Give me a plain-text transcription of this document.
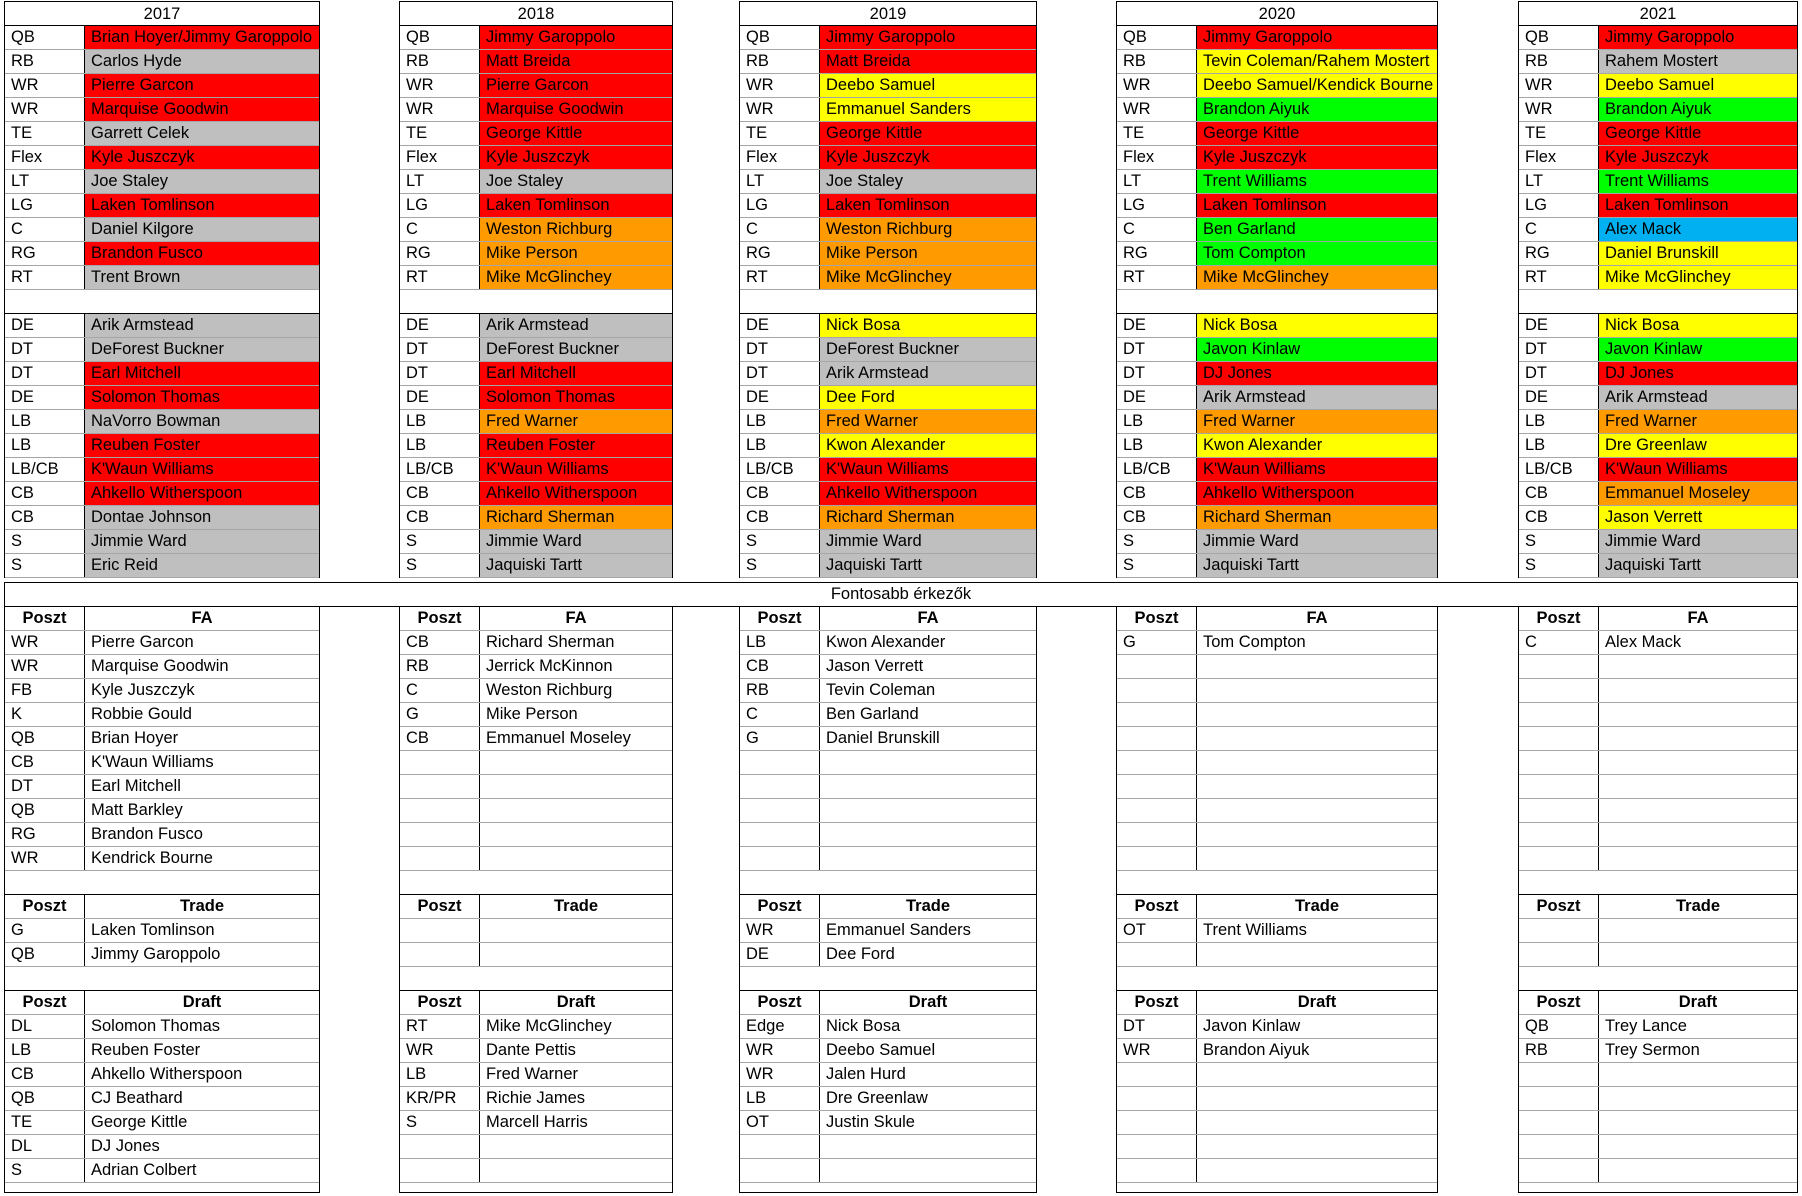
Fontosabb érkezők
2017
QB	Brian Hoyer/Jimmy Garoppolo
RB	Carlos Hyde
WR	Pierre Garcon
WR	Marquise Goodwin
TE	Garrett Celek
Flex	Kyle Juszczyk
LT	Joe Staley
LG	Laken Tomlinson
C	Daniel Kilgore
RG	Brandon Fusco
RT	Trent Brown
DE	Arik Armstead
DT	DeForest Buckner
DT	Earl Mitchell
DE	Solomon Thomas
LB	NaVorro Bowman
LB	Reuben Foster
LB/CB	K'Waun Williams
CB	Ahkello Witherspoon
CB	Dontae Johnson
S	Jimmie Ward
S	Eric Reid
Poszt	FA
WR	Pierre Garcon
WR	Marquise Goodwin
FB	Kyle Juszczyk
K	Robbie Gould
QB	Brian Hoyer
CB	K'Waun Williams
DT	Earl Mitchell
QB	Matt Barkley
RG	Brandon Fusco
WR	Kendrick Bourne
Poszt	Trade
G	Laken Tomlinson
QB	Jimmy Garoppolo
Poszt	Draft
DL	Solomon Thomas
LB	Reuben Foster
CB	Ahkello Witherspoon
QB	CJ Beathard
TE	George Kittle
DL	DJ Jones
S	Adrian Colbert
2018
QB	Jimmy Garoppolo
RB	Matt Breida
WR	Pierre Garcon
WR	Marquise Goodwin
TE	George Kittle
Flex	Kyle Juszczyk
LT	Joe Staley
LG	Laken Tomlinson
C	Weston Richburg
RG	Mike Person
RT	Mike McGlinchey
DE	Arik Armstead
DT	DeForest Buckner
DT	Earl Mitchell
DE	Solomon Thomas
LB	Fred Warner
LB	Reuben Foster
LB/CB	K'Waun Williams
CB	Ahkello Witherspoon
CB	Richard Sherman
S	Jimmie Ward
S	Jaquiski Tartt
Poszt	FA
CB	Richard Sherman
RB	Jerrick McKinnon
C	Weston Richburg
G	Mike Person
CB	Emmanuel Moseley
Poszt	Trade
Poszt	Draft
RT	Mike McGlinchey
WR	Dante Pettis
LB	Fred Warner
KR/PR	Richie James
S	Marcell Harris
2019
QB	Jimmy Garoppolo
RB	Matt Breida
WR	Deebo Samuel
WR	Emmanuel Sanders
TE	George Kittle
Flex	Kyle Juszczyk
LT	Joe Staley
LG	Laken Tomlinson
C	Weston Richburg
RG	Mike Person
RT	Mike McGlinchey
DE	Nick Bosa
DT	DeForest Buckner
DT	Arik Armstead
DE	Dee Ford
LB	Fred Warner
LB	Kwon Alexander
LB/CB	K'Waun Williams
CB	Ahkello Witherspoon
CB	Richard Sherman
S	Jimmie Ward
S	Jaquiski Tartt
Poszt	FA
LB	Kwon Alexander
CB	Jason Verrett
RB	Tevin Coleman
C	Ben Garland
G	Daniel Brunskill
Poszt	Trade
WR	Emmanuel Sanders
DE	Dee Ford
Poszt	Draft
Edge	Nick Bosa
WR	Deebo Samuel
WR	Jalen Hurd
LB	Dre Greenlaw
OT	Justin Skule
2020
QB	Jimmy Garoppolo
RB	Tevin Coleman/Rahem Mostert
WR	Deebo Samuel/Kendick Bourne
WR	Brandon Aiyuk
TE	George Kittle
Flex	Kyle Juszczyk
LT	Trent Williams
LG	Laken Tomlinson
C	Ben Garland
RG	Tom Compton
RT	Mike McGlinchey
DE	Nick Bosa
DT	Javon Kinlaw
DT	DJ Jones
DE	Arik Armstead
LB	Fred Warner
LB	Kwon Alexander
LB/CB	K'Waun Williams
CB	Ahkello Witherspoon
CB	Richard Sherman
S	Jimmie Ward
S	Jaquiski Tartt
Poszt	FA
G	Tom Compton
Poszt	Trade
OT	Trent Williams
Poszt	Draft
DT	Javon Kinlaw
WR	Brandon Aiyuk
2021
QB	Jimmy Garoppolo
RB	Rahem Mostert
WR	Deebo Samuel
WR	Brandon Aiyuk
TE	George Kittle
Flex	Kyle Juszczyk
LT	Trent Williams
LG	Laken Tomlinson
C	Alex Mack
RG	Daniel Brunskill
RT	Mike McGlinchey
DE	Nick Bosa
DT	Javon Kinlaw
DT	DJ Jones
DE	Arik Armstead
LB	Fred Warner
LB	Dre Greenlaw
LB/CB	K'Waun Williams
CB	Emmanuel Moseley
CB	Jason Verrett
S	Jimmie Ward
S	Jaquiski Tartt
Poszt	FA
C	Alex Mack
Poszt	Trade
Poszt	Draft
QB	Trey Lance
RB	Trey Sermon
